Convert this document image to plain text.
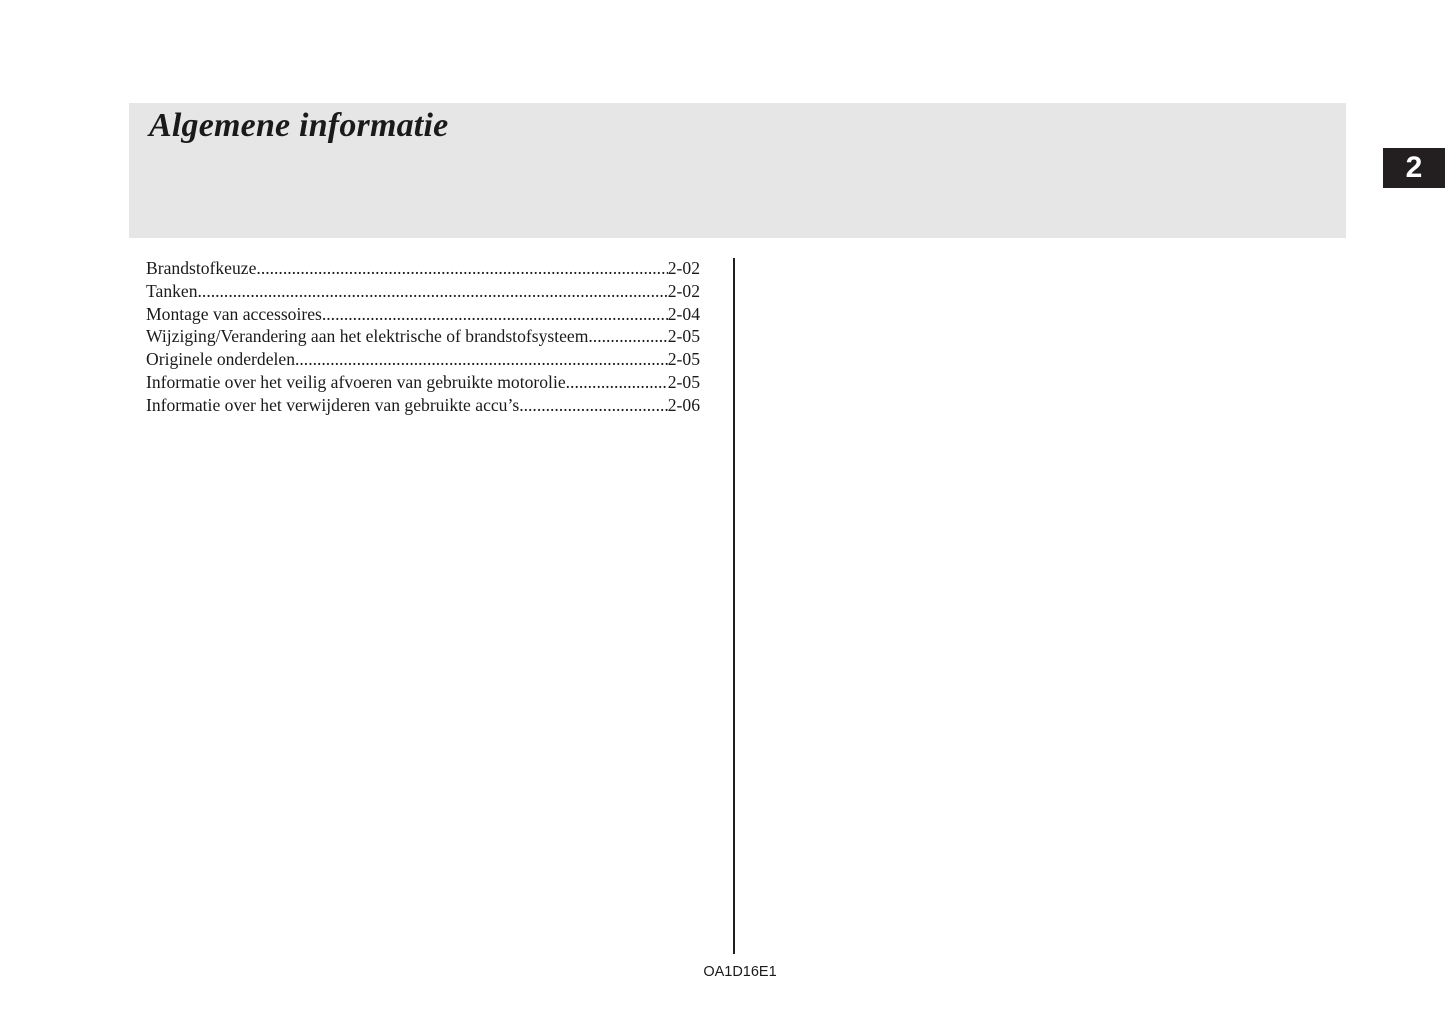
Algemene informatie
2
Brandstofkeuze .....	2-02
Tanken .....	2-02
Montage van accessoires .....	2-04
Wijziging/Verandering aan het elektrische of brandstofsysteem .....	2-05
Originele onderdelen .....	2-05
Informatie over het veilig afvoeren van gebruikte motorolie .....	2-05
Informatie over het verwijderen van gebruikte accu’s .....	2-06
OA1D16E1
